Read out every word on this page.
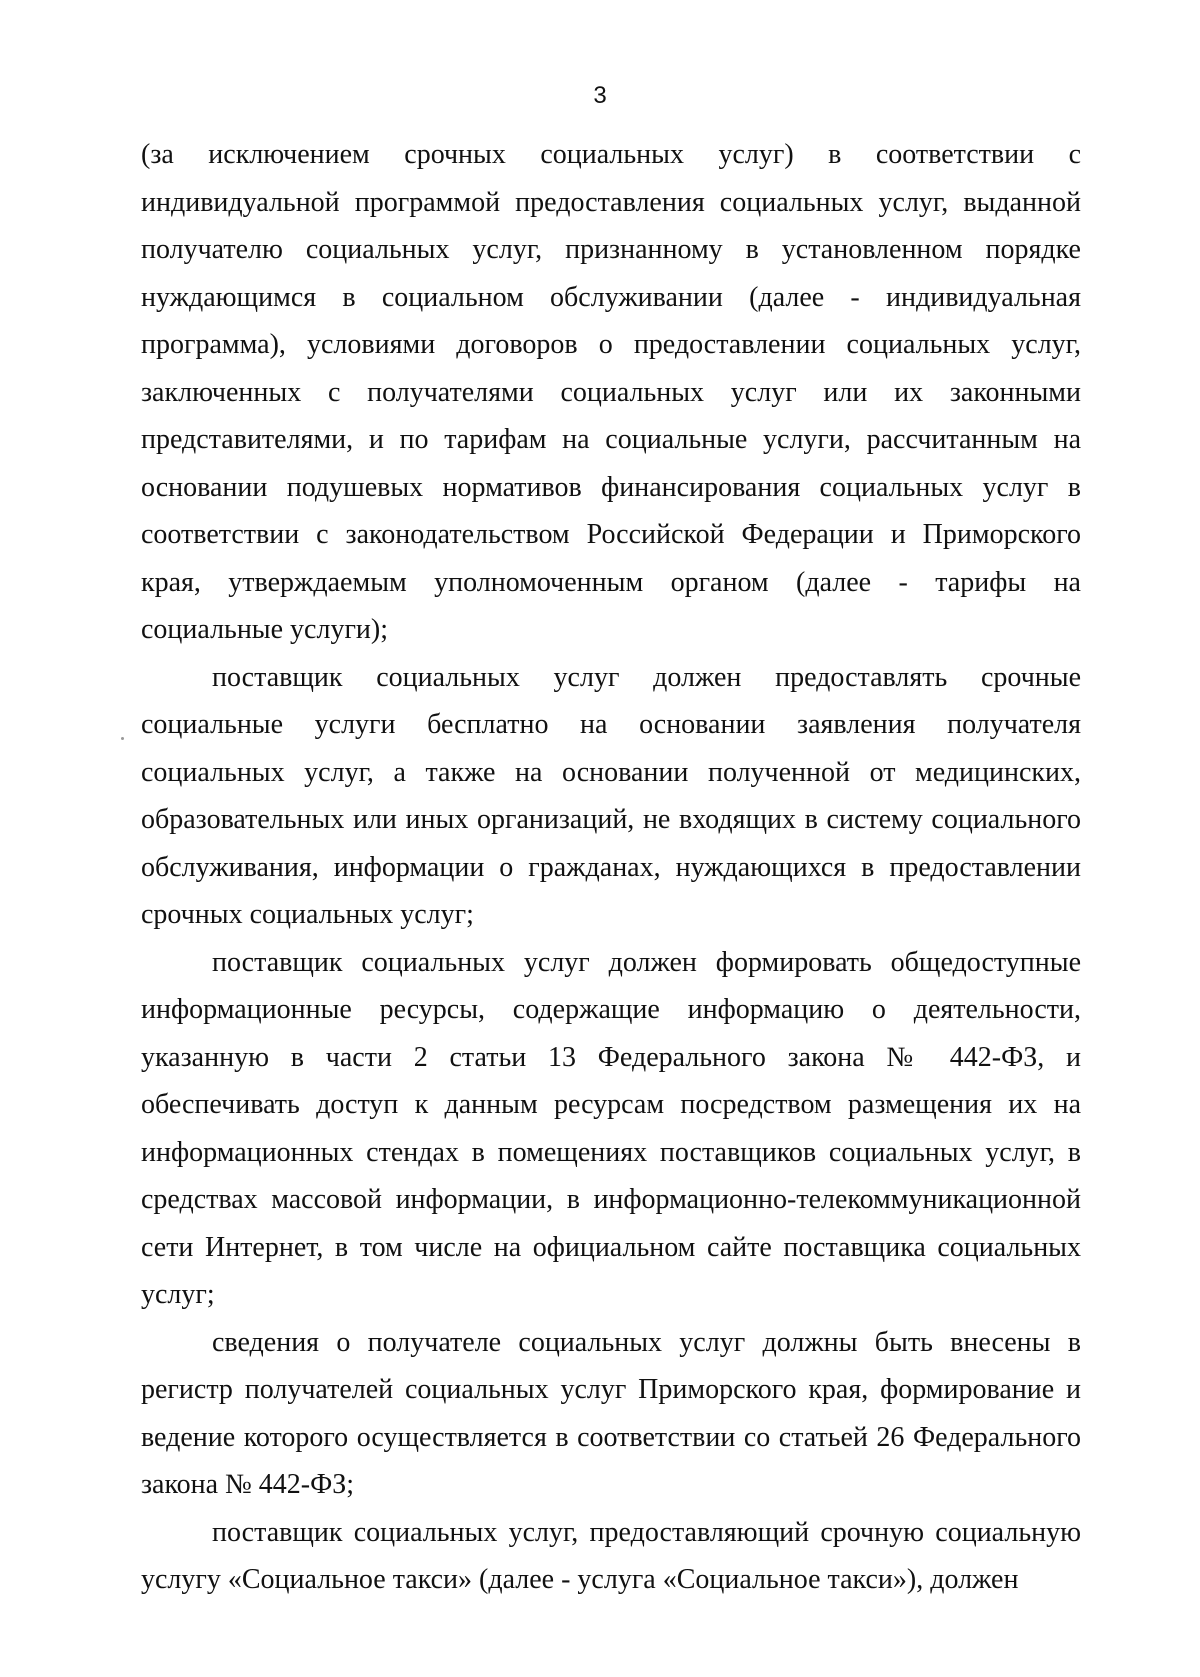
3

(за исключением срочных социальных услуг) в соответствии с индивидуальной программой предоставления социальных услуг, выданной получателю социальных услуг, признанному в установленном порядке нуждающимся в социальном обслуживании (далее - индивидуальная программа), условиями договоров о предоставлении социальных услуг, заключенных с получателями социальных услуг или их законными представителями, и по тарифам на социальные услуги, рассчитанным на основании подушевых нормативов финансирования социальных услуг в соответствии с законодательством Российской Федерации и Приморского края, утверждаемым уполномоченным органом (далее - тарифы на социальные услуги);

поставщик социальных услуг должен предоставлять срочные социальные услуги бесплатно на основании заявления получателя социальных услуг, а также на основании полученной от медицинских, образовательных или иных организаций, не входящих в систему социального обслуживания, информации о гражданах, нуждающихся в предоставлении срочных социальных услуг;

поставщик социальных услуг должен формировать общедоступные информационные ресурсы, содержащие информацию о деятельности, указанную в части 2 статьи 13 Федерального закона № 442-ФЗ, и обеспечивать доступ к данным ресурсам посредством размещения их на информационных стендах в помещениях поставщиков социальных услуг, в средствах массовой информации, в информационно-телекоммуникационной сети Интернет, в том числе на официальном сайте поставщика социальных услуг;

сведения о получателе социальных услуг должны быть внесены в регистр получателей социальных услуг Приморского края, формирование и ведение которого осуществляется в соответствии со статьей 26 Федерального закона № 442-ФЗ;

поставщик социальных услуг, предоставляющий срочную социальную услугу «Социальное такси» (далее - услуга «Социальное такси»), должен
